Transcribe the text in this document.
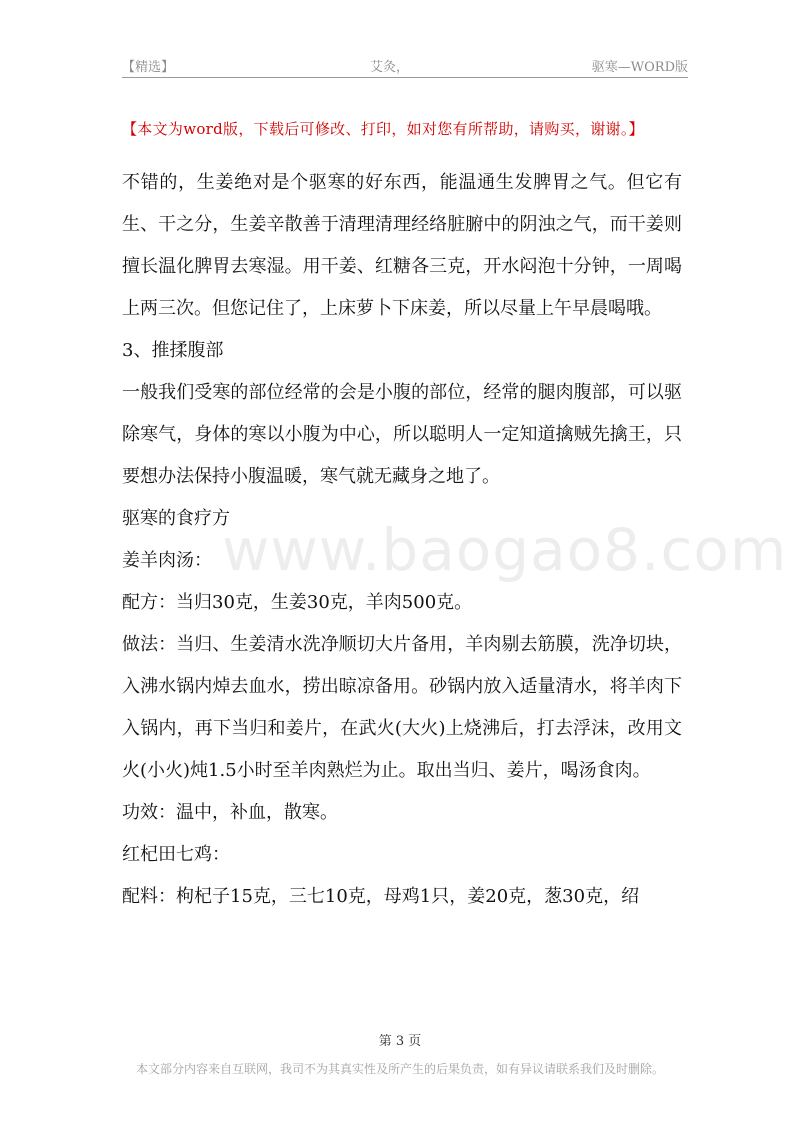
【精选】	艾灸，	驱寒—WORD版
【本文为word版，下载后可修改、打印，如对您有所帮助，请购买，谢谢。】
www.baogao8.com

不错的，生姜绝对是个驱寒的好东西，能温通生发脾胃之气。但它有生、干之分，生姜辛散善于清理清理经络脏腑中的阴浊之气，而干姜则擅长温化脾胃去寒湿。用干姜、红糖各三克，开水闷泡十分钟，一周喝上两三次。但您记住了，上床萝卜下床姜，所以尽量上午早晨喝哦。

3、推揉腹部

一般我们受寒的部位经常的会是小腹的部位，经常的腿肉腹部，可以驱除寒气，身体的寒以小腹为中心，所以聪明人一定知道擒贼先擒王，只要想办法保持小腹温暖，寒气就无藏身之地了。

驱寒的食疗方

姜羊肉汤：

配方：当归30克，生姜30克，羊肉500克。

做法：当归、生姜清水洗净顺切大片备用，羊肉剔去筋膜，洗净切块，入沸水锅内焯去血水，捞出晾凉备用。砂锅内放入适量清水，将羊肉下入锅内，再下当归和姜片，在武火(大火)上烧沸后，打去浮沫，改用文火(小火)炖1.5小时至羊肉熟烂为止。取出当归、姜片，喝汤食肉。

功效：温中，补血，散寒。

红杞田七鸡：

配料：枸杞子15克，三七10克，母鸡1只，姜20克，葱30克，绍

第 3 页
本文部分内容来自互联网，我司不为其真实性及所产生的后果负责，如有异议请联系我们及时删除。
